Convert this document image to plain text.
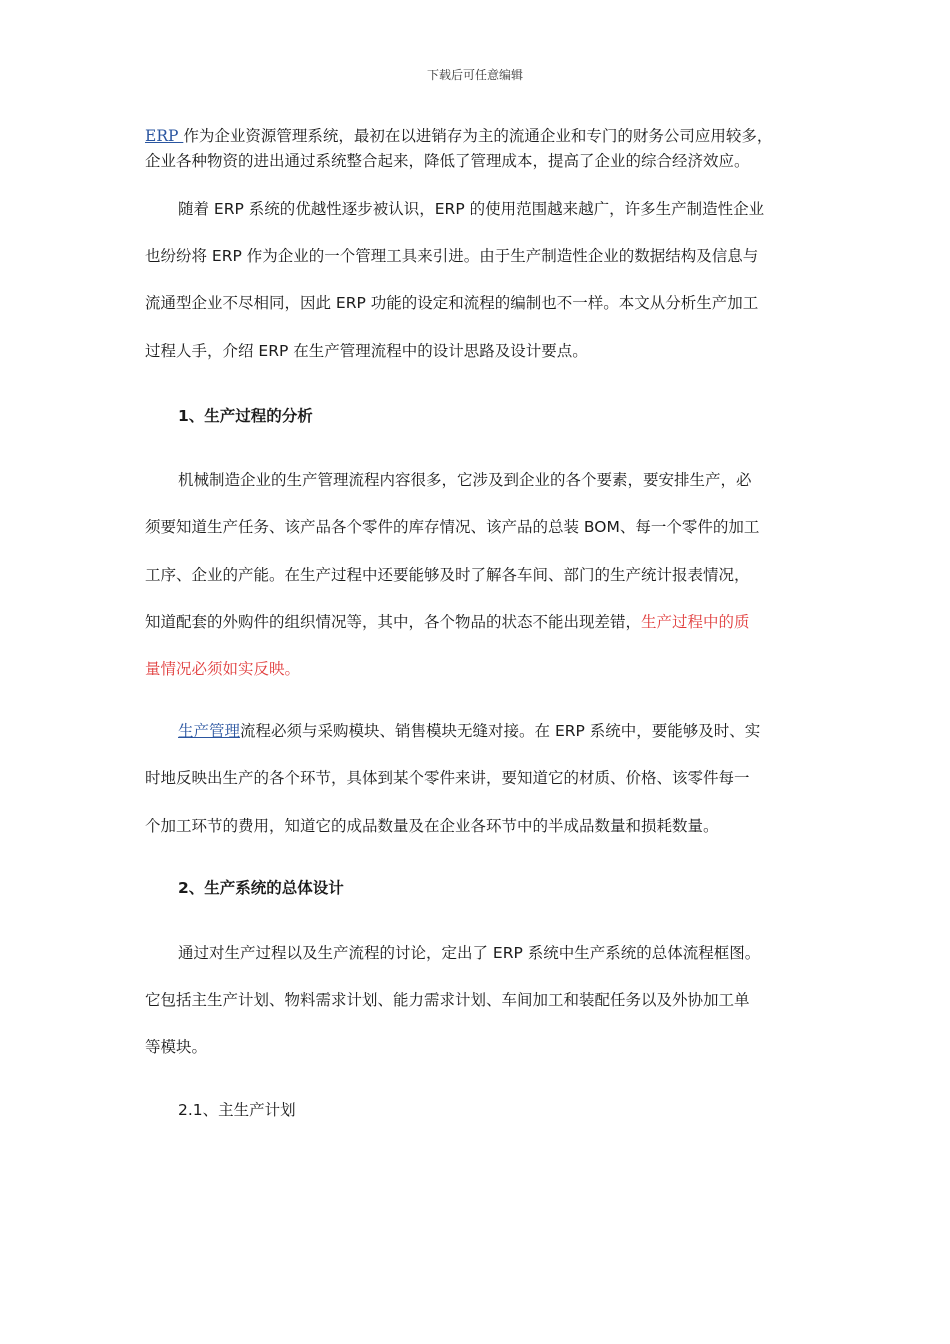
下载后可任意编辑
ERP 作为企业资源管理系统，最初在以进销存为主的流通企业和专门的财务公司应用较多，
企业各种物资的进出通过系统整合起来，降低了管理成本，提高了企业的综合经济效应。
随着 ERP 系统的优越性逐步被认识，ERP 的使用范围越来越广，许多生产制造性企业
也纷纷将 ERP 作为企业的一个管理工具来引进。由于生产制造性企业的数据结构及信息与
流通型企业不尽相同，因此 ERP 功能的设定和流程的编制也不一样。本文从分析生产加工
过程人手，介绍 ERP 在生产管理流程中的设计思路及设计要点。
1、生产过程的分析
机械制造企业的生产管理流程内容很多，它涉及到企业的各个要素，要安排生产，必
须要知道生产任务、该产品各个零件的库存情况、该产品的总装 BOM、每一个零件的加工
工序、企业的产能。在生产过程中还要能够及时了解各车间、部门的生产统计报表情况，
知道配套的外购件的组织情况等，其中，各个物品的状态不能出现差错，生产过程中的质
量情况必须如实反映。
生产管理流程必须与采购模块、销售模块无缝对接。在 ERP 系统中，要能够及时、实
时地反映出生产的各个环节，具体到某个零件来讲，要知道它的材质、价格、该零件每一
个加工环节的费用，知道它的成品数量及在企业各环节中的半成品数量和损耗数量。
2、生产系统的总体设计
通过对生产过程以及生产流程的讨论，定出了 ERP 系统中生产系统的总体流程框图。
它包括主生产计划、物料需求计划、能力需求计划、车间加工和装配任务以及外协加工单
等模块。
2.1、主生产计划
